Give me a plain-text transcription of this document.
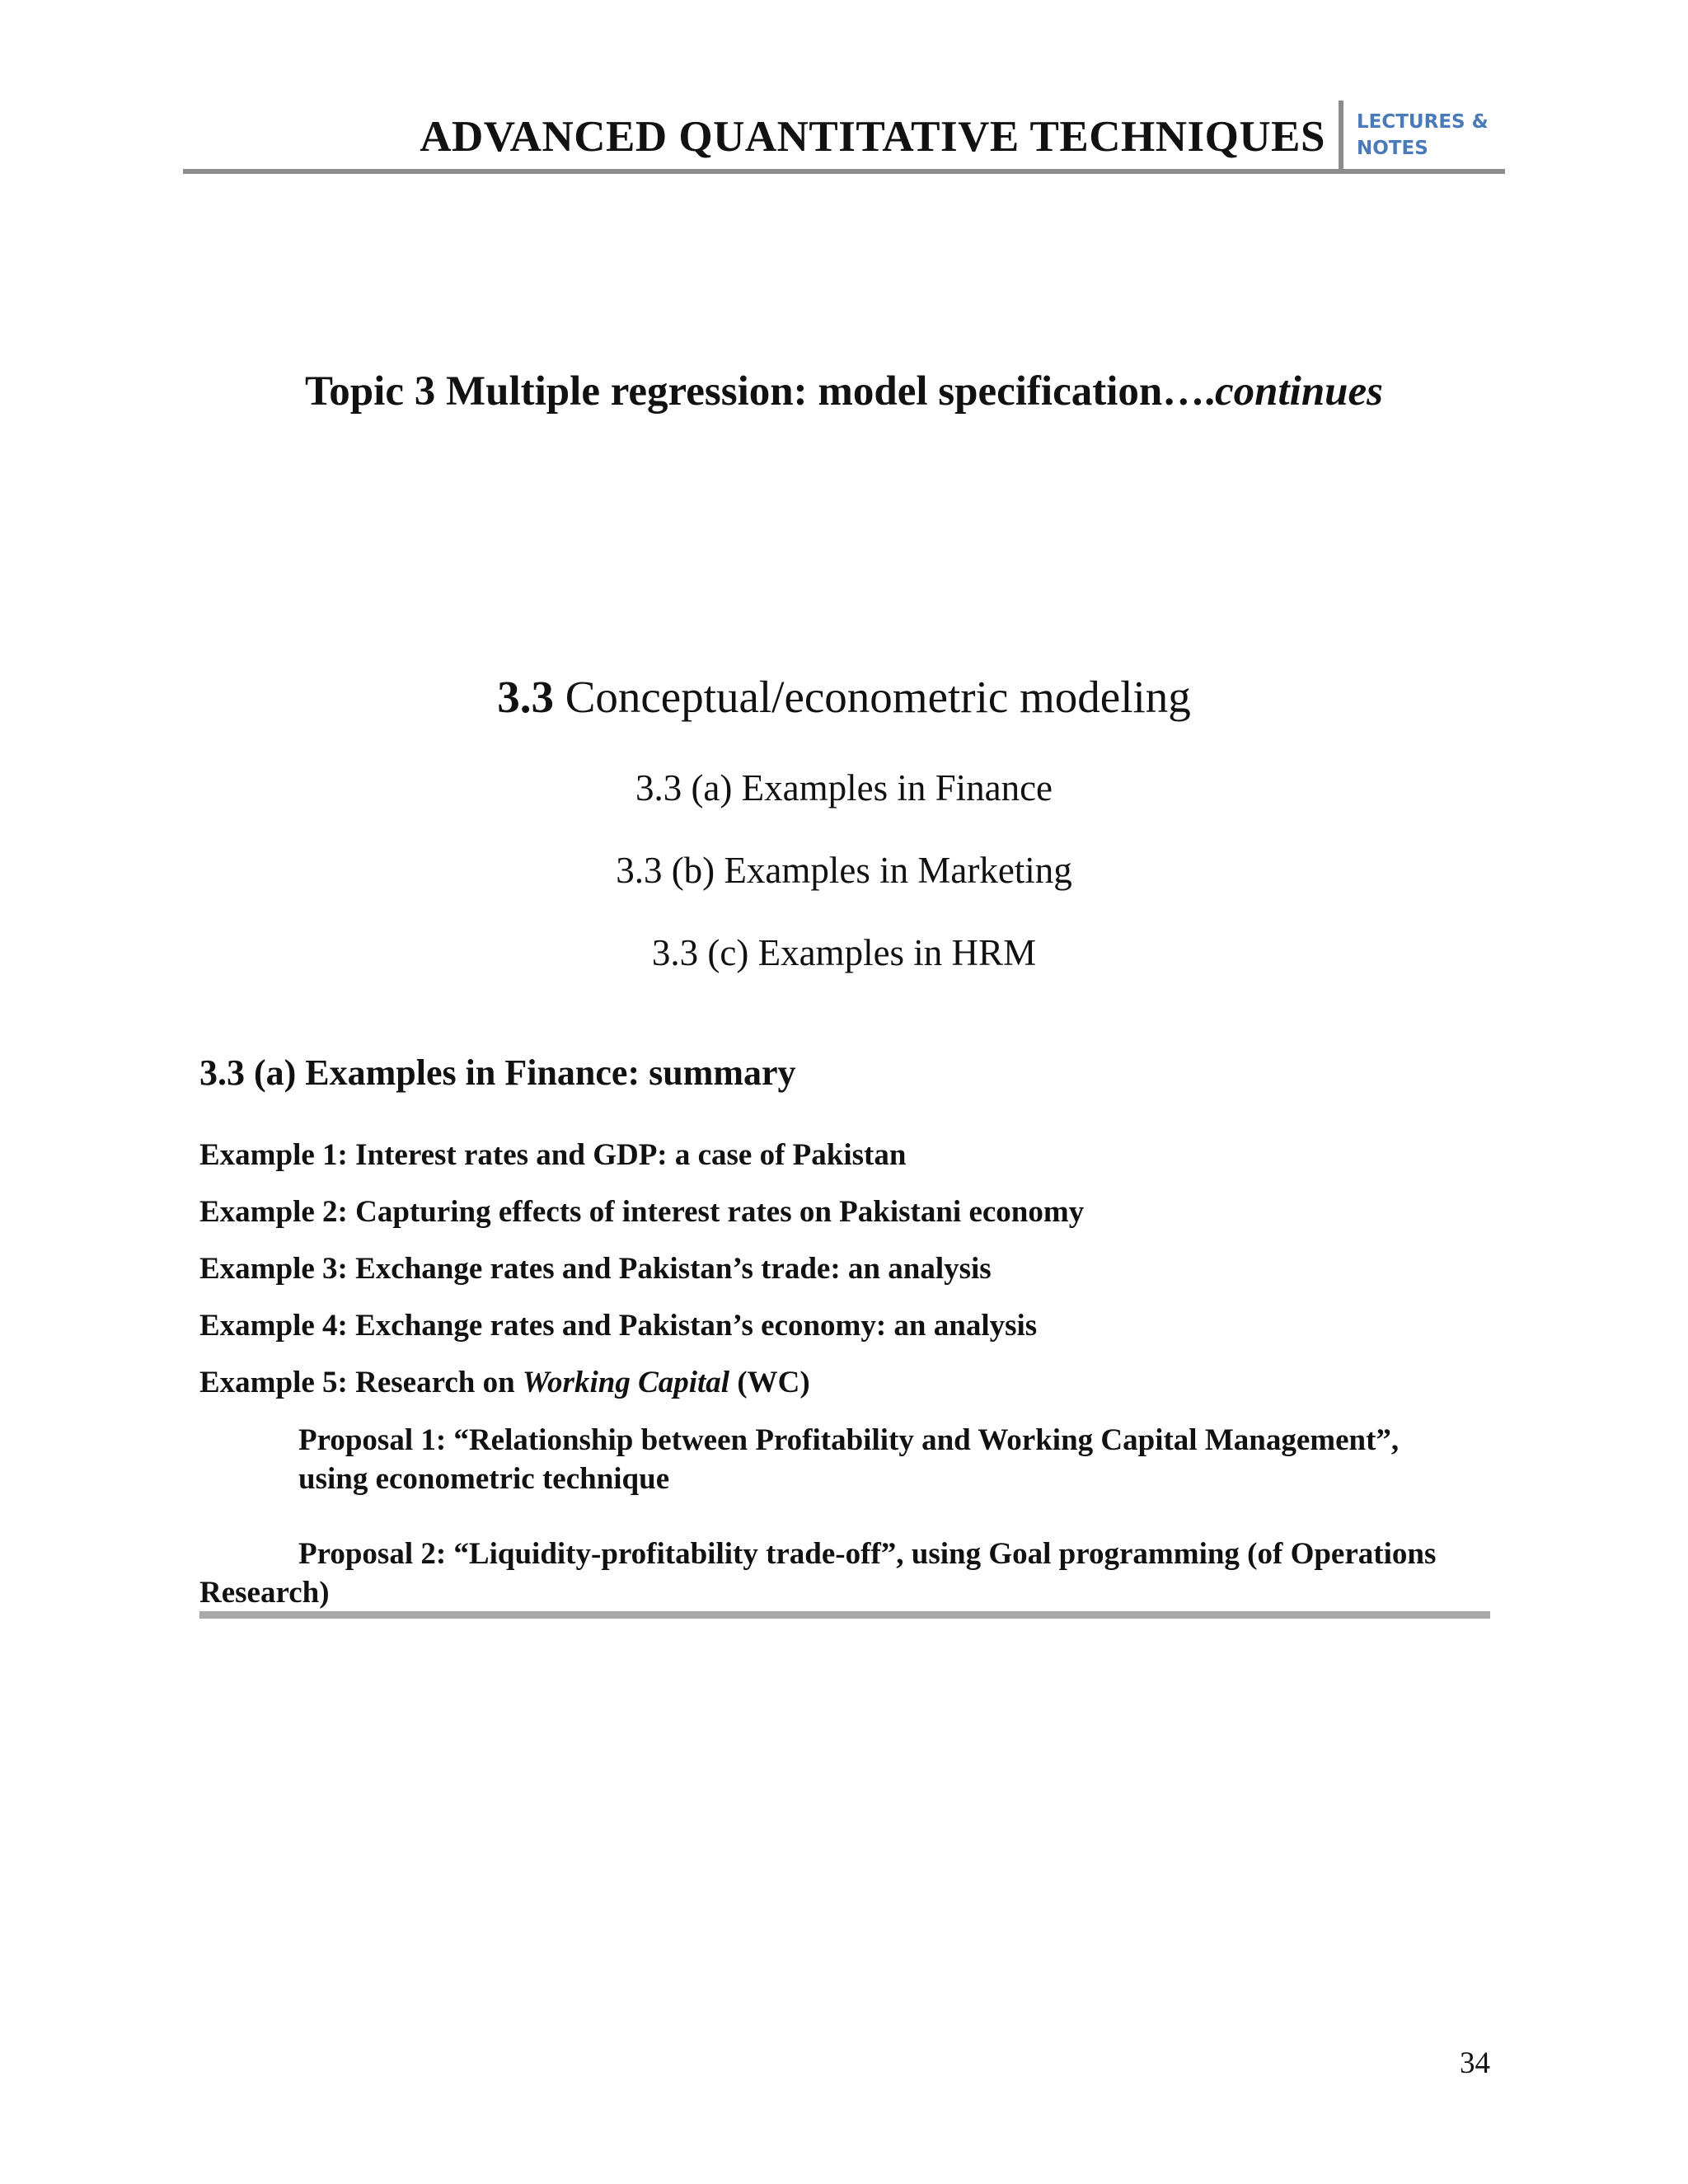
ADVANCED QUANTITATIVE TECHNIQUES LECTURES &
NOTES
Topic 3 Multiple regression: model specification….continues
3.3 Conceptual/econometric modeling
3.3 (a) Examples in Finance
3.3 (b) Examples in Marketing
3.3 (c) Examples in HRM
3.3 (a) Examples in Finance: summary
Example 1: Interest rates and GDP: a case of Pakistan
Example 2: Capturing effects of interest rates on Pakistani economy
Example 3: Exchange rates and Pakistan’s trade: an analysis
Example 4: Exchange rates and Pakistan’s economy: an analysis
Example 5: Research on Working Capital (WC)
Proposal 1: “Relationship between Profitability and Working Capital Management”, using econometric technique
Proposal 2: “Liquidity-profitability trade-off”, using Goal programming (of Operations Research)
34
